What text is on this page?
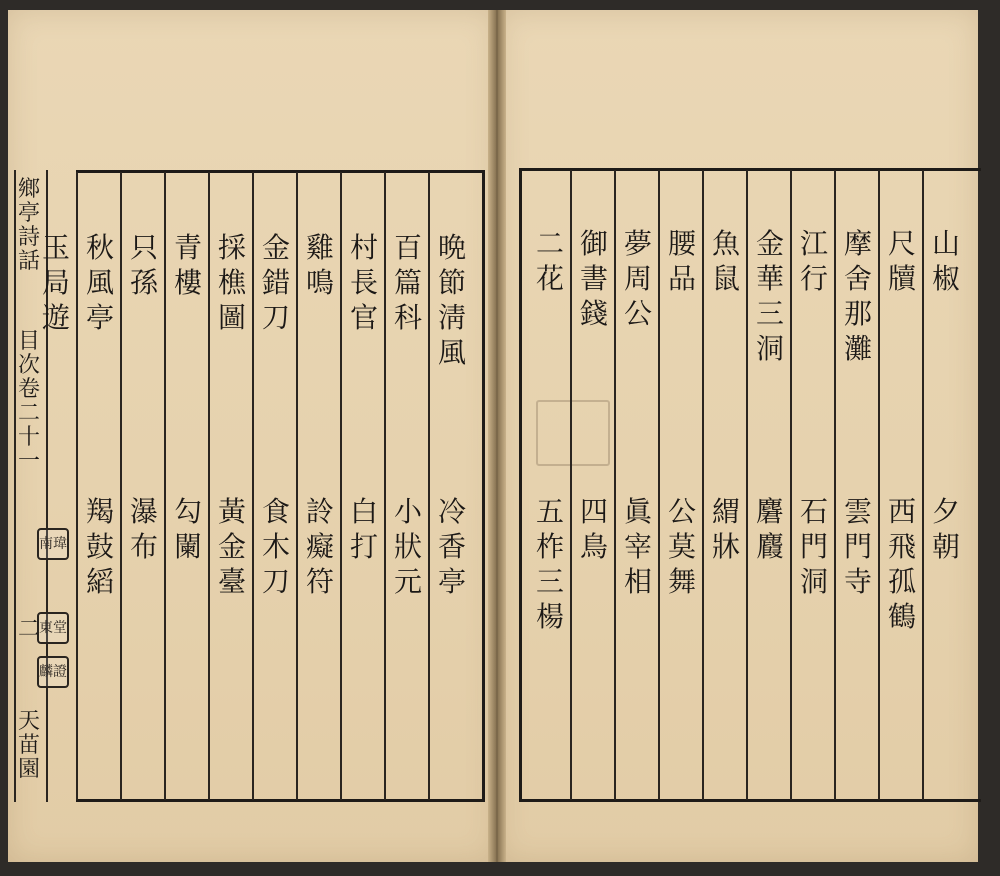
鄉
亭
詩
話
目
次
卷
二
十
一
二
天
苗
園
南瑋
東堂
麟證
晩
節
淸
風
冷
香
亭
百
篇
科
小
狀
元
村
長
官
白
打
雞
鳴
詅
癡
符
金
錯
刀
食
木
刀
採
樵
圖
黃
金
臺
青
樓
勾
闌
只
孫
瀑
布
秋
風
亭
羯
鼓
縚
玉
局
遊
山
椒
夕
朝
尺
牘
西
飛
孤
鶴
摩
舍
那
灘
雲
門
寺
江
行
石
門
洞
金
華
三
洞
麏
麚
魚
鼠
緭
牀
腰
品
公
莫
舞
夢
周
公
眞
宰
相
御
書
錢
四
鳥
二
花
五
柞
三
楊
